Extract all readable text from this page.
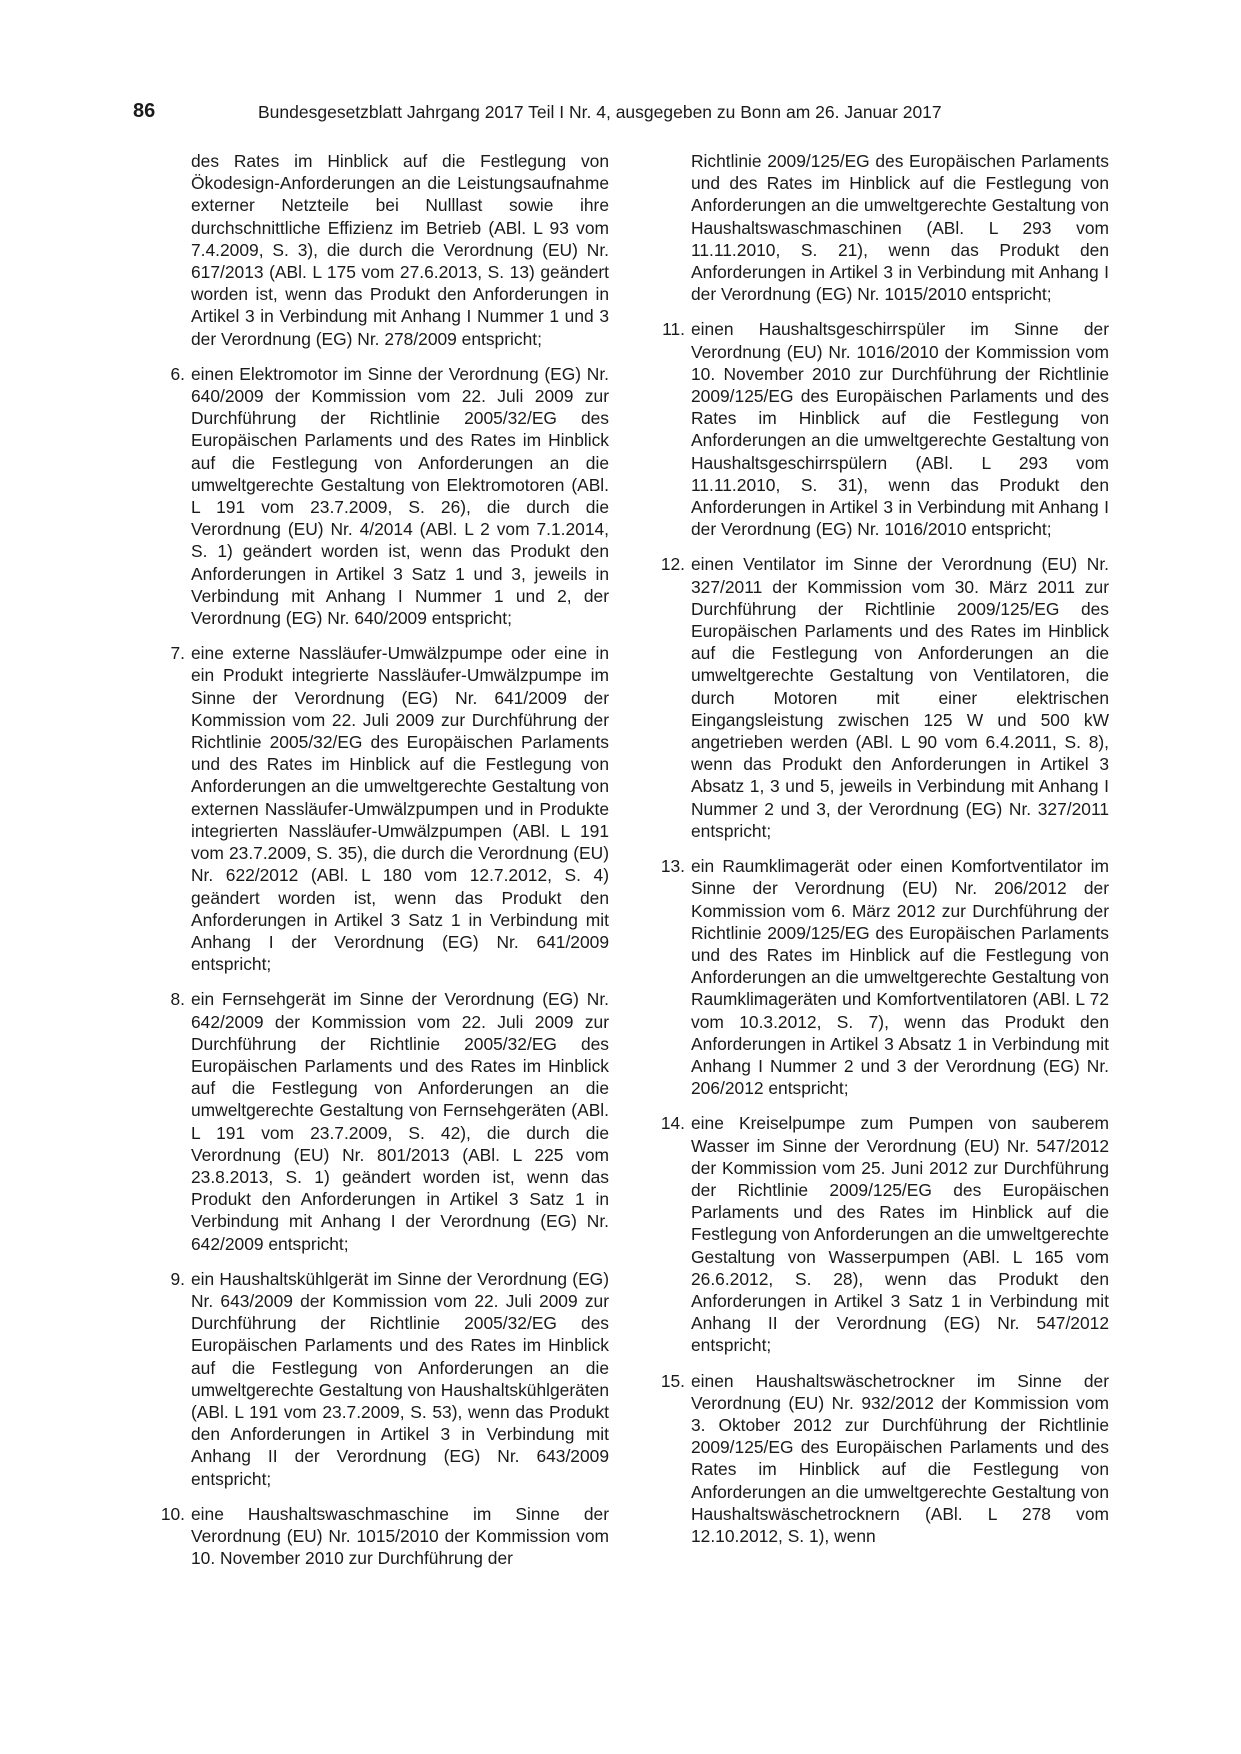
86	Bundesgesetzblatt Jahrgang 2017 Teil I Nr. 4, ausgegeben zu Bonn am 26. Januar 2017
des Rates im Hinblick auf die Festlegung von Ökodesign-Anforderungen an die Leistungsaufnahme externer Netzteile bei Nulllast sowie ihre durchschnittliche Effizienz im Betrieb (ABl. L 93 vom 7.4.2009, S. 3), die durch die Verordnung (EU) Nr. 617/2013 (ABl. L 175 vom 27.6.2013, S. 13) geändert worden ist, wenn das Produkt den Anforderungen in Artikel 3 in Verbindung mit Anhang I Nummer 1 und 3 der Verordnung (EG) Nr. 278/2009 entspricht;
6. einen Elektromotor im Sinne der Verordnung (EG) Nr. 640/2009 der Kommission vom 22. Juli 2009 zur Durchführung der Richtlinie 2005/32/EG des Europäischen Parlaments und des Rates im Hinblick auf die Festlegung von Anforderungen an die umweltgerechte Gestaltung von Elektromotoren (ABl. L 191 vom 23.7.2009, S. 26), die durch die Verordnung (EU) Nr. 4/2014 (ABl. L 2 vom 7.1.2014, S. 1) geändert worden ist, wenn das Produkt den Anforderungen in Artikel 3 Satz 1 und 3, jeweils in Verbindung mit Anhang I Nummer 1 und 2, der Verordnung (EG) Nr. 640/2009 entspricht;
7. eine externe Nassläufer-Umwälzpumpe oder eine in ein Produkt integrierte Nassläufer-Umwälzpumpe im Sinne der Verordnung (EG) Nr. 641/2009 der Kommission vom 22. Juli 2009 zur Durchführung der Richtlinie 2005/32/EG des Europäischen Parlaments und des Rates im Hinblick auf die Festlegung von Anforderungen an die umweltgerechte Gestaltung von externen Nassläufer-Umwälzpumpen und in Produkte integrierten Nassläufer-Umwälzpumpen (ABl. L 191 vom 23.7.2009, S. 35), die durch die Verordnung (EU) Nr. 622/2012 (ABl. L 180 vom 12.7.2012, S. 4) geändert worden ist, wenn das Produkt den Anforderungen in Artikel 3 Satz 1 in Verbindung mit Anhang I der Verordnung (EG) Nr. 641/2009 entspricht;
8. ein Fernsehgerät im Sinne der Verordnung (EG) Nr. 642/2009 der Kommission vom 22. Juli 2009 zur Durchführung der Richtlinie 2005/32/EG des Europäischen Parlaments und des Rates im Hinblick auf die Festlegung von Anforderungen an die umweltgerechte Gestaltung von Fernsehgeräten (ABl. L 191 vom 23.7.2009, S. 42), die durch die Verordnung (EU) Nr. 801/2013 (ABl. L 225 vom 23.8.2013, S. 1) geändert worden ist, wenn das Produkt den Anforderungen in Artikel 3 Satz 1 in Verbindung mit Anhang I der Verordnung (EG) Nr. 642/2009 entspricht;
9. ein Haushaltskühlgerät im Sinne der Verordnung (EG) Nr. 643/2009 der Kommission vom 22. Juli 2009 zur Durchführung der Richtlinie 2005/32/EG des Europäischen Parlaments und des Rates im Hinblick auf die Festlegung von Anforderungen an die umweltgerechte Gestaltung von Haushaltskühlgeräten (ABl. L 191 vom 23.7.2009, S. 53), wenn das Produkt den Anforderungen in Artikel 3 in Verbindung mit Anhang II der Verordnung (EG) Nr. 643/2009 entspricht;
10. eine Haushaltswaschmaschine im Sinne der Verordnung (EU) Nr. 1015/2010 der Kommission vom 10. November 2010 zur Durchführung der
Richtlinie 2009/125/EG des Europäischen Parlaments und des Rates im Hinblick auf die Festlegung von Anforderungen an die umweltgerechte Gestaltung von Haushaltswaschmaschinen (ABl. L 293 vom 11.11.2010, S. 21), wenn das Produkt den Anforderungen in Artikel 3 in Verbindung mit Anhang I der Verordnung (EG) Nr. 1015/2010 entspricht;
11. einen Haushaltsgeschirrspüler im Sinne der Verordnung (EU) Nr. 1016/2010 der Kommission vom 10. November 2010 zur Durchführung der Richtlinie 2009/125/EG des Europäischen Parlaments und des Rates im Hinblick auf die Festlegung von Anforderungen an die umweltgerechte Gestaltung von Haushaltsgeschirrspülern (ABl. L 293 vom 11.11.2010, S. 31), wenn das Produkt den Anforderungen in Artikel 3 in Verbindung mit Anhang I der Verordnung (EG) Nr. 1016/2010 entspricht;
12. einen Ventilator im Sinne der Verordnung (EU) Nr. 327/2011 der Kommission vom 30. März 2011 zur Durchführung der Richtlinie 2009/125/EG des Europäischen Parlaments und des Rates im Hinblick auf die Festlegung von Anforderungen an die umweltgerechte Gestaltung von Ventilatoren, die durch Motoren mit einer elektrischen Eingangsleistung zwischen 125 W und 500 kW angetrieben werden (ABl. L 90 vom 6.4.2011, S. 8), wenn das Produkt den Anforderungen in Artikel 3 Absatz 1, 3 und 5, jeweils in Verbindung mit Anhang I Nummer 2 und 3, der Verordnung (EG) Nr. 327/2011 entspricht;
13. ein Raumklimagerät oder einen Komfortventilator im Sinne der Verordnung (EU) Nr. 206/2012 der Kommission vom 6. März 2012 zur Durchführung der Richtlinie 2009/125/EG des Europäischen Parlaments und des Rates im Hinblick auf die Festlegung von Anforderungen an die umweltgerechte Gestaltung von Raumklimageräten und Komfortventilatoren (ABl. L 72 vom 10.3.2012, S. 7), wenn das Produkt den Anforderungen in Artikel 3 Absatz 1 in Verbindung mit Anhang I Nummer 2 und 3 der Verordnung (EG) Nr. 206/2012 entspricht;
14. eine Kreiselpumpe zum Pumpen von sauberem Wasser im Sinne der Verordnung (EU) Nr. 547/2012 der Kommission vom 25. Juni 2012 zur Durchführung der Richtlinie 2009/125/EG des Europäischen Parlaments und des Rates im Hinblick auf die Festlegung von Anforderungen an die umweltgerechte Gestaltung von Wasserpumpen (ABl. L 165 vom 26.6.2012, S. 28), wenn das Produkt den Anforderungen in Artikel 3 Satz 1 in Verbindung mit Anhang II der Verordnung (EG) Nr. 547/2012 entspricht;
15. einen Haushaltswäschetrockner im Sinne der Verordnung (EU) Nr. 932/2012 der Kommission vom 3. Oktober 2012 zur Durchführung der Richtlinie 2009/125/EG des Europäischen Parlaments und des Rates im Hinblick auf die Festlegung von Anforderungen an die umweltgerechte Gestaltung von Haushaltswäschetrocknern (ABl. L 278 vom 12.10.2012, S. 1), wenn
